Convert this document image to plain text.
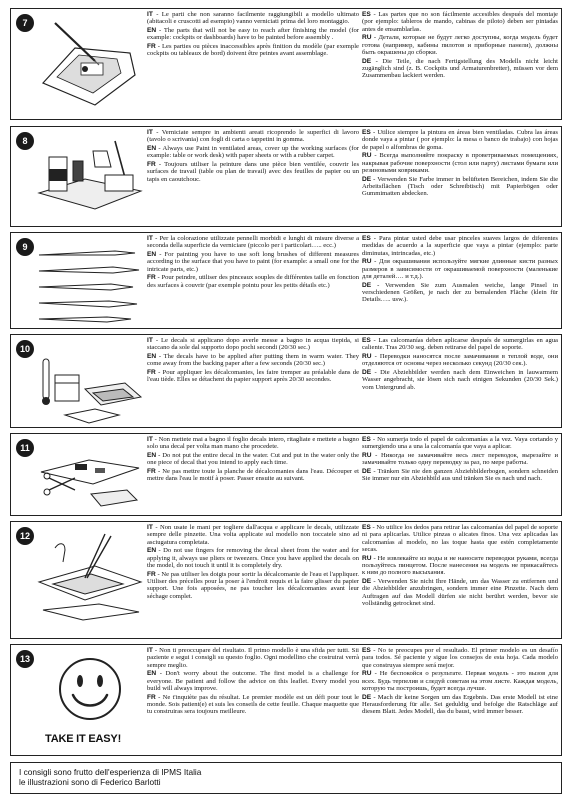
7

IT - Le parti che non saranno facilmente raggiungibili a modello ultimato (abitacoli e cruscotti ad esempio) vanno verniciati prima del loro montaggio.

EN - The parts that will not be easy to reach after finishing the model (for example: cockpits or dashboards) have to be painted before assembly .

FR - Les parties ou pièces inaccessibles après finition du modèle (par exemple cockpits ou tableaux de bord) doivent être peintes avant assemblage.

ES - Las partes que no son fácilmente accesibles después del montaje (por ejemplo: tableros de mando, cabinas de piloto) deben ser pintadas antes de ensamblarlas.

RU - Детали, которые не будут легко доступны, когда модель будет готова (например, кабины пилотов и приборные панели), должны быть окрашены до сборки.

DE - Die Teile, die nach Fertigstellung des Modells nicht leicht zugänglich sind (z. B. Cockpits und Armaturenbretter), müssen vor dem Zusammenbau lackiert werden.

8

IT - Verniciate sempre in ambienti areati ricoprendo le superfici di lavoro (tavolo o scrivania) con fogli di carta o tappetini in gomma.

EN - Always use Paint in ventilated areas, cover up the working surfaces (for example: table or work desk) with paper sheets or with a rubber carpet.

FR - Toujours utiliser la peinture dans une pièce bien ventilée, couvrir les surfaces de travail (table ou plan de travail) avec des feuilles de papier ou un tapis en caoutchouc.

ES - Utilice siempre la pintura en áreas bien ventiladas. Cubra las áreas donde vaya a pintar ( por ejemplo: la mesa o banco de trabajo) con hojas de papel o alfombras de goma.

RU - Всегда выполняйте покраску в проветриваемых помещениях, накрывая рабочие поверхности (стол или парту) листами бумаги или резиновыми ковриками.

DE - Verwenden Sie Farbe immer in belüfteten Bereichen, indem Sie die Arbeitsflächen (Tisch oder Schreibtisch) mit Papierbögen oder Gummimatten abdecken.

9

IT - Per la colorazione utilizzate pennelli morbidi e lunghi di misure diverse a seconda della superficie da verniciare (piccolo per i particolari….. ecc.)

EN - For painting you have to use soft long brushes of different measures according to the surface that you have to paint (for example: a small one for the intricate parts, etc.)

FR - Pour peindre, utiliser des pinceaux souples de différentes taille en fonction des surfaces à couvrir (par exemple pointu pour les petits détails etc.)

ES - Para pintar usted debe usar pinceles suaves largos de diferentes medidas de acuerdo a la superficie que vaya a pintar (ejemplo: parte diminutas, intrincadas, etc.)

RU - Для окрашивания используйте мягкие длинные кисти разных размеров в зависимости от окрашиваемой поверхности (маленькие для деталей…. и т.д.).

DE - Verwenden Sie zum Ausmalen weiche, lange Pinsel in verschiedenen Größen, je nach der zu bemalenden Fläche (klein für Details….. usw.).

10

IT - Le decals si applicano dopo averle messe a bagno in acqua tiepida, si staccano da sole dal supporto dopo pochi secondi (20/30 sec.)

EN - The decals have to be applied after putting them in warm water. They come away from the backing paper after a few seconds (20/30 sec.)

FR - Pour appliquer les décalcomanies, les faire tremper au préalable dans de l'eau tiède. Elles se détachent du papier support après 20/30 secondes.

ES - Las calcomanías deben aplicarse después de sumergirlas en agua caliente. Tras 20/30 seg. deben retirarse del papel de soporte.

RU - Переводки наносятся после замачивания в теплой воде, они отделяются от основы через несколько секунд (20/30 сек.).

DE - Die Abziehbilder werden nach dem Einweichen in lauwarmem Wasser angebracht, sie lösen sich nach einigen Sekunden (20/30 Sek.) vom Untergrund ab.

11

IT - Non mettete mai a bagno il foglio decals intero, ritagliate e mettete a bagno solo una decal per volta man mano che procedete.

EN - Do not put the entire decal in the water. Cut and put in the water only the one piece of decal that you intend to apply each time.

FR - Ne pas mettre toute la planche de décalcomanies dans l'eau. Découper et mettre dans l'eau le motif à poser. Passer ensuite au suivant.

ES - No sumerja todo el papel de calcomanías a la vez. Vaya cortando y sumergiendo una a una la calcomanía que vaya a aplicar.

RU - Никогда не замачивайте весь лист переводок, вырезайте и замачивайте только одну переводку за раз, по мере работы.

DE - Tränken Sie nie den ganzen Abziehbilderbogen, sondern schneiden Sie immer nur ein Abziehbild aus und tränken Sie es nach und nach.

12

IT - Non usate le mani per togliere dall'acqua e applicare le decals, utilizzate sempre delle pinzette. Una volta applicate sul modello non toccatele sino ad asciugatura completata.

EN - Do not use fingers for removing the decal sheet from the water and for applying it, always use pliers or tweezers. Once you have applied the decals on the model, do not touch it until it is completely dry.

FR - Ne pas utiliser les doigts pour sortir la décalcomanie de l'eau et l'appliquer. Utiliser des précelles pour la poser à l'endroit requis et la faire glisser du papier support. Une fois apposées, ne pas toucher les décalcomanies avant leur séchage complet.

ES - No utilice los dedos para retirar las calcomanías del papel de soporte ni para aplicarlas. Utilice pinzas o alicates finos. Una vez aplicadas las calcomanías al modelo, no las toque hasta que estén completamente secas.

RU - Не извлекайте из воды и не наносите переводки руками, всегда пользуйтесь пинцетом. После нанесения на модель не прикасайтесь к ним до полного высыхания.

DE - Verwenden Sie nicht Ihre Hände, um das Wasser zu entfernen und die Abziehbilder anzubringen, sondern immer eine Pinzette. Nach dem Auftragen auf das Modell dürfen sie nicht berührt werden, bevor sie vollständig getrocknet sind.

13
TAKE IT EASY!

IT - Non ti preoccupare del risultato. Il primo modello è una sfida per tutti. Sii paziente e segui i consigli su questo foglio. Ogni modellino che costruirai verrà sempre meglio.

EN - Don't worry about the outcome. The first model is a challenge for everyone. Be patient and follow the advice on this leaflet. Every model you build will always improve.

FR - Ne t'inquiète pas du résultat. Le premier modèle est un défi pour tout le monde. Sois patient(e) et suis les conseils de cette feuille. Chaque maquette que tu construiras sera toujours meilleure.

ES - No te preocupes por el resultado. El primer modelo es un desafío para todos. Sé paciente y sigue los consejos de esta hoja. Cada modelo que construyas siempre será mejor.

RU - Не беспокойся о результате. Первая модель - это вызов для всех. Будь терпелив и следуй советам на этом листе. Каждая модель, которую ты построишь, будет всегда лучше.

DE - Mach dir keine Sorgen um das Ergebnis. Das erste Modell ist eine Herausforderung für alle. Sei geduldig und befolge die Ratschläge auf diesem Blatt. Jedes Modell, das du baust, wird immer besser.

I consigli sono frutto dell'esperienza di IPMS Italia
le illustrazioni sono di Federico Barlotti
